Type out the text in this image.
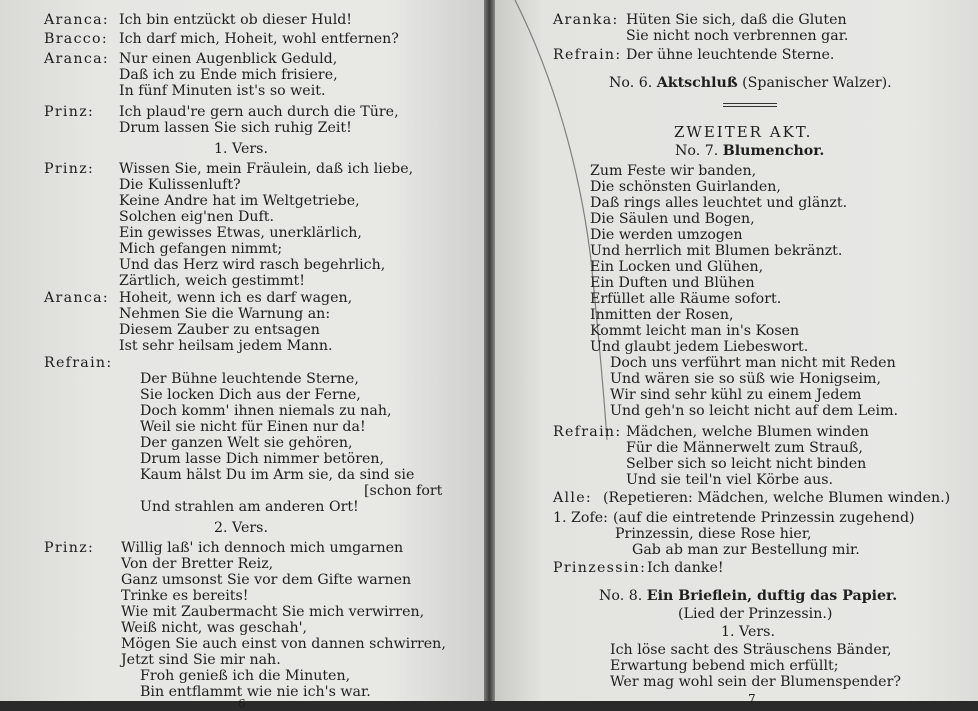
Aranca: Ich bin entzückt ob dieser Huld!
Bracco: Ich darf mich, Hoheit, wohl entfernen?
Aranca: Nur einen Augenblick Geduld,
Daß ich zu Ende mich frisiere,
In fünf Minuten ist's so weit.
Prinz: Ich plaud're gern auch durch die Türe,
Drum lassen Sie sich ruhig Zeit!
1. Vers.
Prinz: Wissen Sie, mein Fräulein, daß ich liebe,
Die Kulissenluft?
Keine Andre hat im Weltgetriebe,
Solchen eig'nen Duft.
Ein gewisses Etwas, unerklärlich,
Mich gefangen nimmt;
Und das Herz wird rasch begehrlich,
Zärtlich, weich gestimmt!
Aranca: Hoheit, wenn ich es darf wagen,
Nehmen Sie die Warnung an:
Diesem Zauber zu entsagen
Ist sehr heilsam jedem Mann.
Refrain:
Der Bühne leuchtende Sterne,
Sie locken Dich aus der Ferne,
Doch komm' ihnen niemals zu nah,
Weil sie nicht für Einen nur da!
Der ganzen Welt sie gehören,
Drum lasse Dich nimmer betören,
Kaum hälst Du im Arm sie, da sind sie
[schon fort
Und strahlen am anderen Ort!
2. Vers.
Prinz: Willig laß' ich dennoch mich umgarnen
Von der Bretter Reiz,
Ganz umsonst Sie vor dem Gifte warnen
Trinke es bereits!
Wie mit Zaubermacht Sie mich verwirren,
Weiß nicht, was geschah',
Mögen Sie auch einst von dannen schwirren,
Jetzt sind Sie mir nah.
Froh genieß ich die Minuten,
Bin entflammt wie nie ich's war.
6
Aranka: Hüten Sie sich, daß die Gluten
Sie nicht noch verbrennen gar.
Refrain: Der ühne leuchtende Sterne.
No. 6. Aktschluß (Spanischer Walzer).
ZWEITER AKT.
No. 7. Blumenchor.
Zum Feste wir banden,
Die schönsten Guirlanden,
Daß rings alles leuchtet und glänzt.
Die Säulen und Bogen,
Die werden umzogen
Und herrlich mit Blumen bekränzt.
Ein Locken und Glühen,
Ein Duften und Blühen
Erfüllet alle Räume sofort.
Inmitten der Rosen,
Kommt leicht man in's Kosen
Und glaubt jedem Liebeswort.
Doch uns verführt man nicht mit Reden
Und wären sie so süß wie Honigseim,
Wir sind sehr kühl zu einem Jedem
Und geh'n so leicht nicht auf dem Leim.
Refrain: Mädchen, welche Blumen winden
Für die Männerwelt zum Strauß,
Selber sich so leicht nicht binden
Und sie teil'n viel Körbe aus.
Alle: (Repetieren: Mädchen, welche Blumen winden.)
1. Zofe: (auf die eintretende Prinzessin zugehend)
Prinzessin, diese Rose hier,
Gab ab man zur Bestellung mir.
Prinzessin: Ich danke!
No. 8. Ein Brieflein, duftig das Papier.
(Lied der Prinzessin.)
1. Vers.
Ich löse sacht des Sträuschens Bänder,
Erwartung bebend mich erfüllt;
Wer mag wohl sein der Blumenspender?
7
